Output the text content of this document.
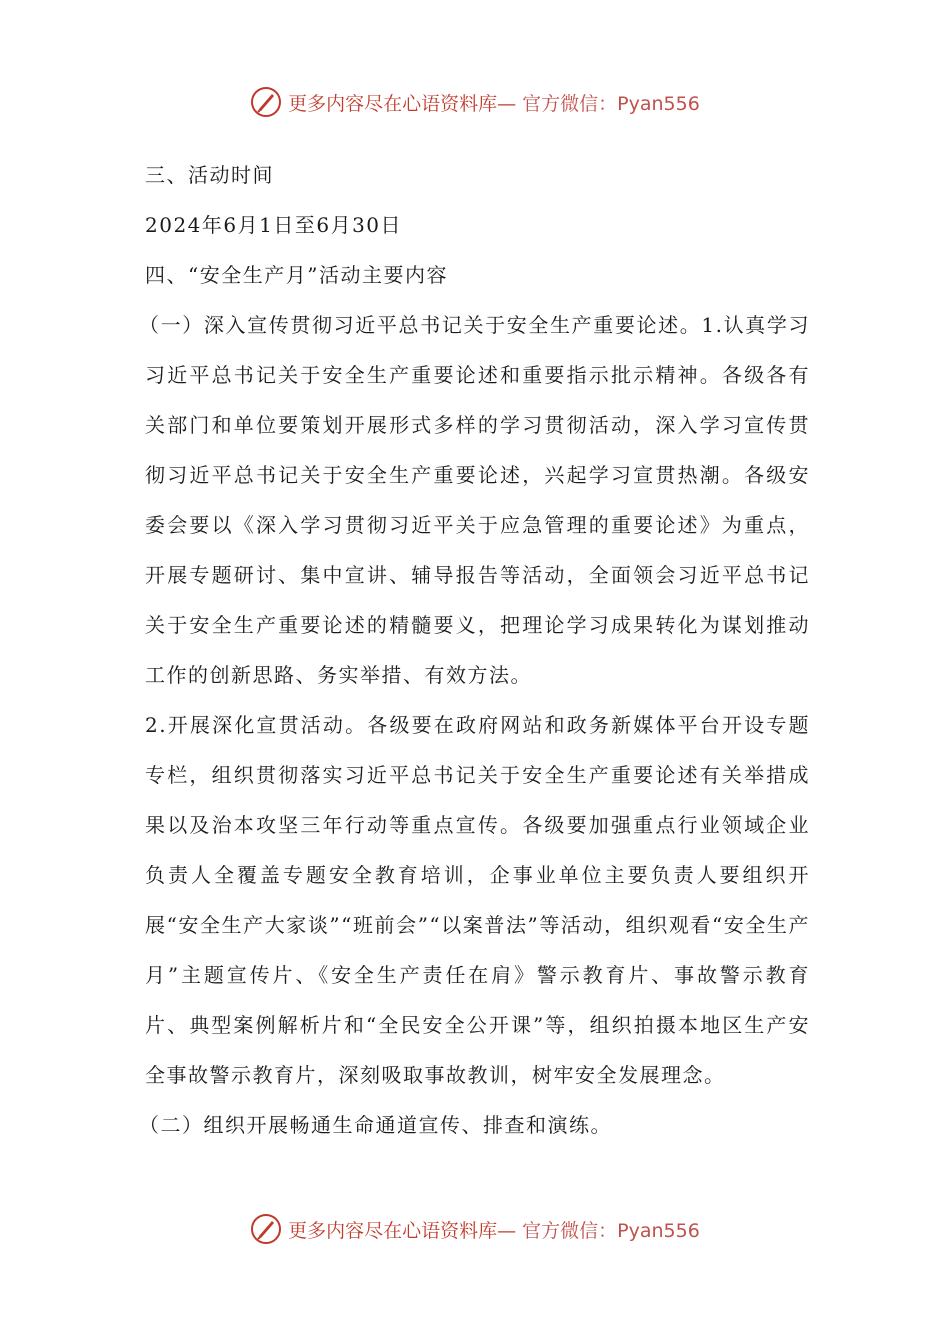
更多内容尽在心语资料库— 官方微信：Pyan556

三、活动时间

2024年6月1日至6月30日

四、“安全生产月”活动主要内容

（一）深入宣传贯彻习近平总书记关于安全生产重要论述。1.认真学习习近平总书记关于安全生产重要论述和重要指示批示精神。各级各有关部门和单位要策划开展形式多样的学习贯彻活动，深入学习宣传贯彻习近平总书记关于安全生产重要论述，兴起学习宣贯热潮。各级安委会要以《深入学习贯彻习近平关于应急管理的重要论述》为重点，开展专题研讨、集中宣讲、辅导报告等活动，全面领会习近平总书记关于安全生产重要论述的精髓要义，把理论学习成果转化为谋划推动工作的创新思路、务实举措、有效方法。

2.开展深化宣贯活动。各级要在政府网站和政务新媒体平台开设专题专栏，组织贯彻落实习近平总书记关于安全生产重要论述有关举措成果以及治本攻坚三年行动等重点宣传。各级要加强重点行业领域企业负责人全覆盖专题安全教育培训，企事业单位主要负责人要组织开展“安全生产大家谈”“班前会”“以案普法”等活动，组织观看“安全生产月”主题宣传片、《安全生产责任在肩》警示教育片、事故警示教育片、典型案例解析片和“全民安全公开课”等，组织拍摄本地区生产安全事故警示教育片，深刻吸取事故教训，树牢安全发展理念。

（二）组织开展畅通生命通道宣传、排查和演练。

更多内容尽在心语资料库— 官方微信：Pyan556
